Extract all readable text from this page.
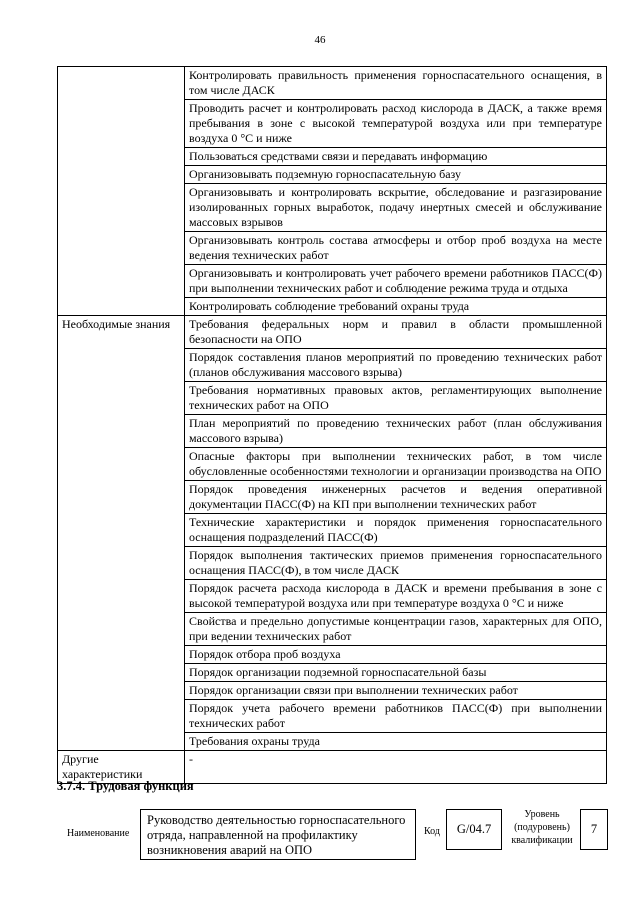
46
	Контролировать правильность применения горноспасательного оснащения, в том числе ДАСК
	Проводить расчет и контролировать расход кислорода в ДАСК, а также время пребывания в зоне с высокой температурой воздуха или при температуре воздуха 0 °C и ниже
	Пользоваться средствами связи и передавать информацию
	Организовывать подземную горноспасательную базу
	Организовывать и контролировать вскрытие, обследование и разгазирование изолированных горных выработок, подачу инертных смесей и обслуживание массовых взрывов
	Организовывать контроль состава атмосферы и отбор проб воздуха на месте ведения технических работ
	Организовывать и контролировать учет рабочего времени работников ПАСС(Ф) при выполнении технических работ и соблюдение режима труда и отдыха
	Контролировать соблюдение требований охраны труда
Необходимые знания	Требования федеральных норм и правил в области промышленной безопасности на ОПО
	Порядок составления планов мероприятий по проведению технических работ (планов обслуживания массового взрыва)
	Требования нормативных правовых актов, регламентирующих выполнение технических работ на ОПО
	План мероприятий по проведению технических работ (план обслуживания массового взрыва)
	Опасные факторы при выполнении технических работ, в том числе обусловленные особенностями технологии и организации производства на ОПО
	Порядок проведения инженерных расчетов и ведения оперативной документации ПАСС(Ф) на КП при выполнении технических работ
	Технические характеристики и порядок применения горноспасательного оснащения подразделений ПАСС(Ф)
	Порядок выполнения тактических приемов применения горноспасательного оснащения ПАСС(Ф), в том числе ДАСК
	Порядок расчета расхода кислорода в ДАСК и времени пребывания в зоне с высокой температурой воздуха или при температуре воздуха 0 °C и ниже
	Свойства и предельно допустимые концентрации газов, характерных для ОПО, при ведении технических работ
	Порядок отбора проб воздуха
	Порядок организации подземной горноспасательной базы
	Порядок организации связи при выполнении технических работ
	Порядок учета рабочего времени работников ПАСС(Ф) при выполнении технических работ
	Требования охраны труда
Другие характеристики	-
3.7.4. Трудовая функция
Наименование
Руководство деятельностью горноспасательного отряда, направленной на профилактику возникновения аварий на ОПО
Код	G/04.7
Уровень (подуровень) квалификации
7
